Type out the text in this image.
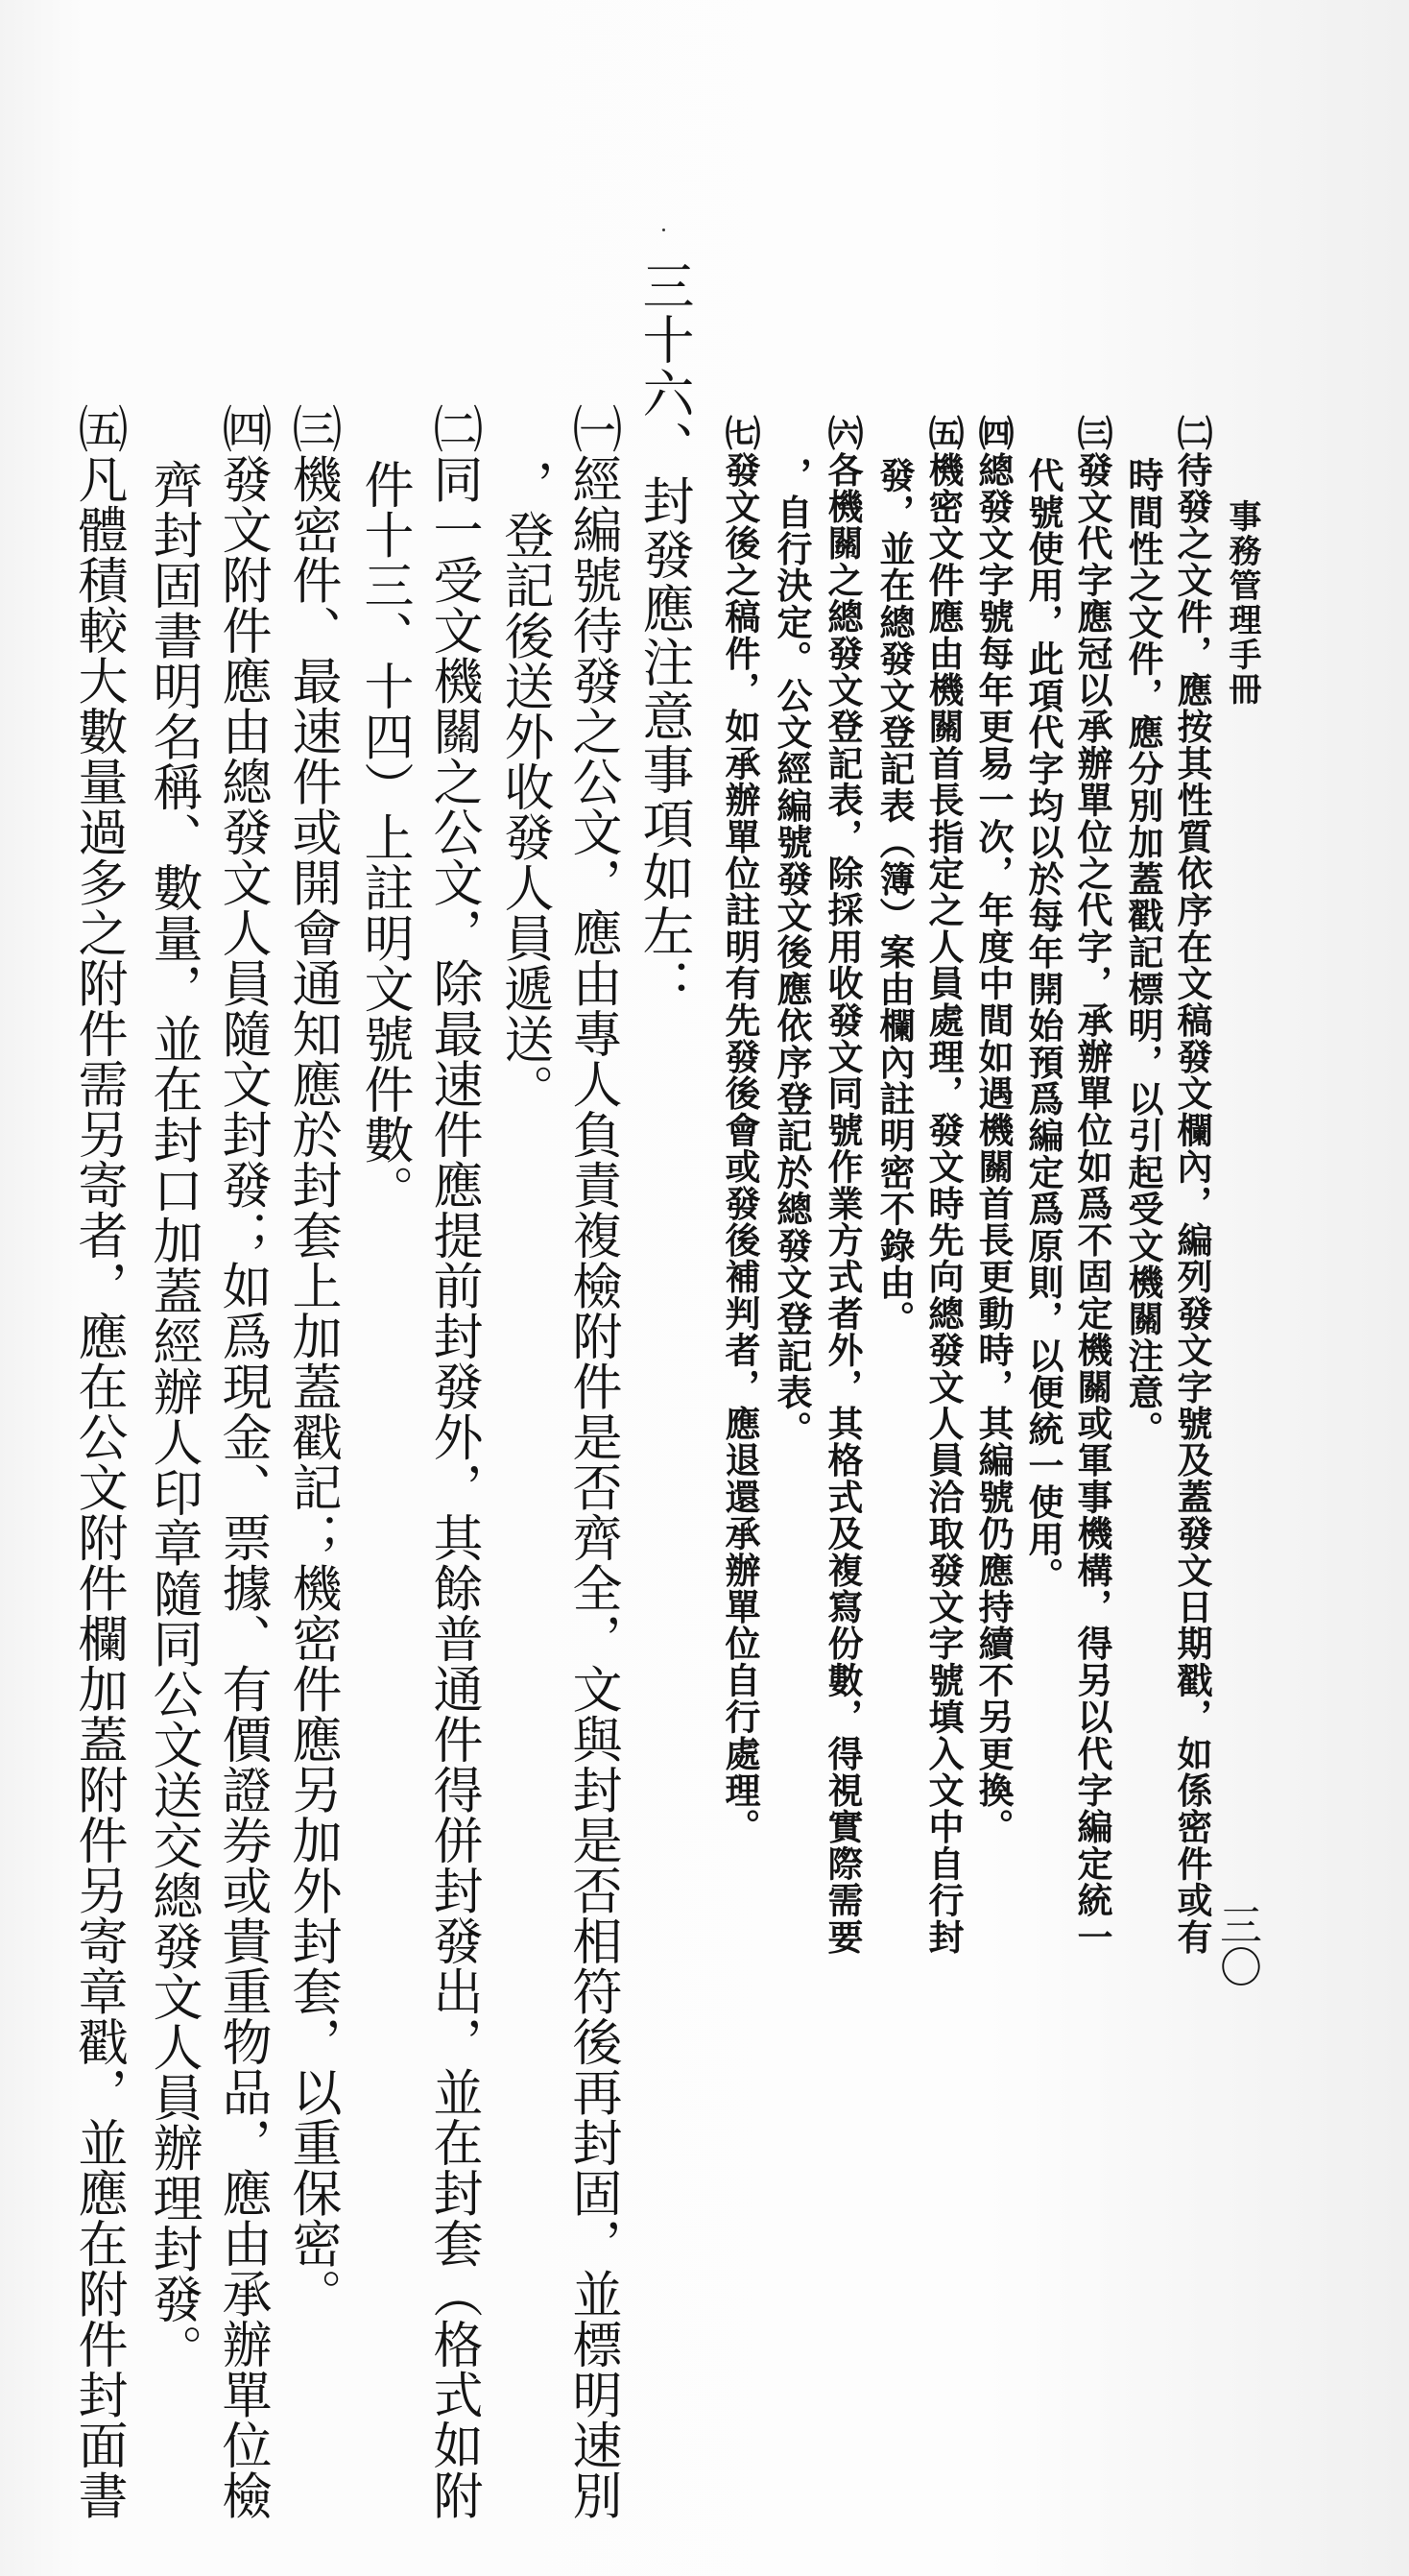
事務管理手冊
三〇
㈡待發之文件，應按其性質依序在文稿發文欄內，編列發文字號及蓋發文日期戳，如係密件或有
時間性之文件，應分別加蓋戳記標明，以引起受文機關注意。
㈢發文代字應冠以承辦單位之代字，承辦單位如爲不固定機關或軍事機構，得另以代字編定統一
代號使用，此項代字均以於每年開始預爲編定爲原則，以便統一使用。
㈣總發文字號每年更易一次，年度中間如遇機關首長更動時，其編號仍應持續不另更換。
㈤機密文件應由機關首長指定之人員處理，發文時先向總發文人員洽取發文字號填入文中自行封
發，並在總發文登記表（簿）案由欄內註明密不錄由。
㈥各機關之總發文登記表，除採用收發文同號作業方式者外，其格式及複寫份數，得視實際需要
，自行決定。公文經編號發文後應依序登記於總發文登記表。
㈦發文後之稿件，如承辦單位註明有先發後會或發後補判者，應退還承辦單位自行處理。
三十六、封發應注意事項如左：
㈠經編號待發之公文，應由專人負責複檢附件是否齊全，文與封是否相符後再封固，並標明速別
，登記後送外收發人員遞送。
㈡同一受文機關之公文，除最速件應提前封發外，其餘普通件得併封發出，並在封套（格式如附
件十三、十四）上註明文號件數。
㈢機密件、最速件或開會通知應於封套上加蓋戳記；機密件應另加外封套，以重保密。
㈣發文附件應由總發文人員隨文封發；如爲現金、票據、有價證券或貴重物品，應由承辦單位檢
齊封固書明名稱、數量，並在封口加蓋經辦人印章隨同公文送交總發文人員辦理封發。
㈤凡體積較大數量過多之附件需另寄者，應在公文附件欄加蓋附件另寄章戳，並應在附件封面書
